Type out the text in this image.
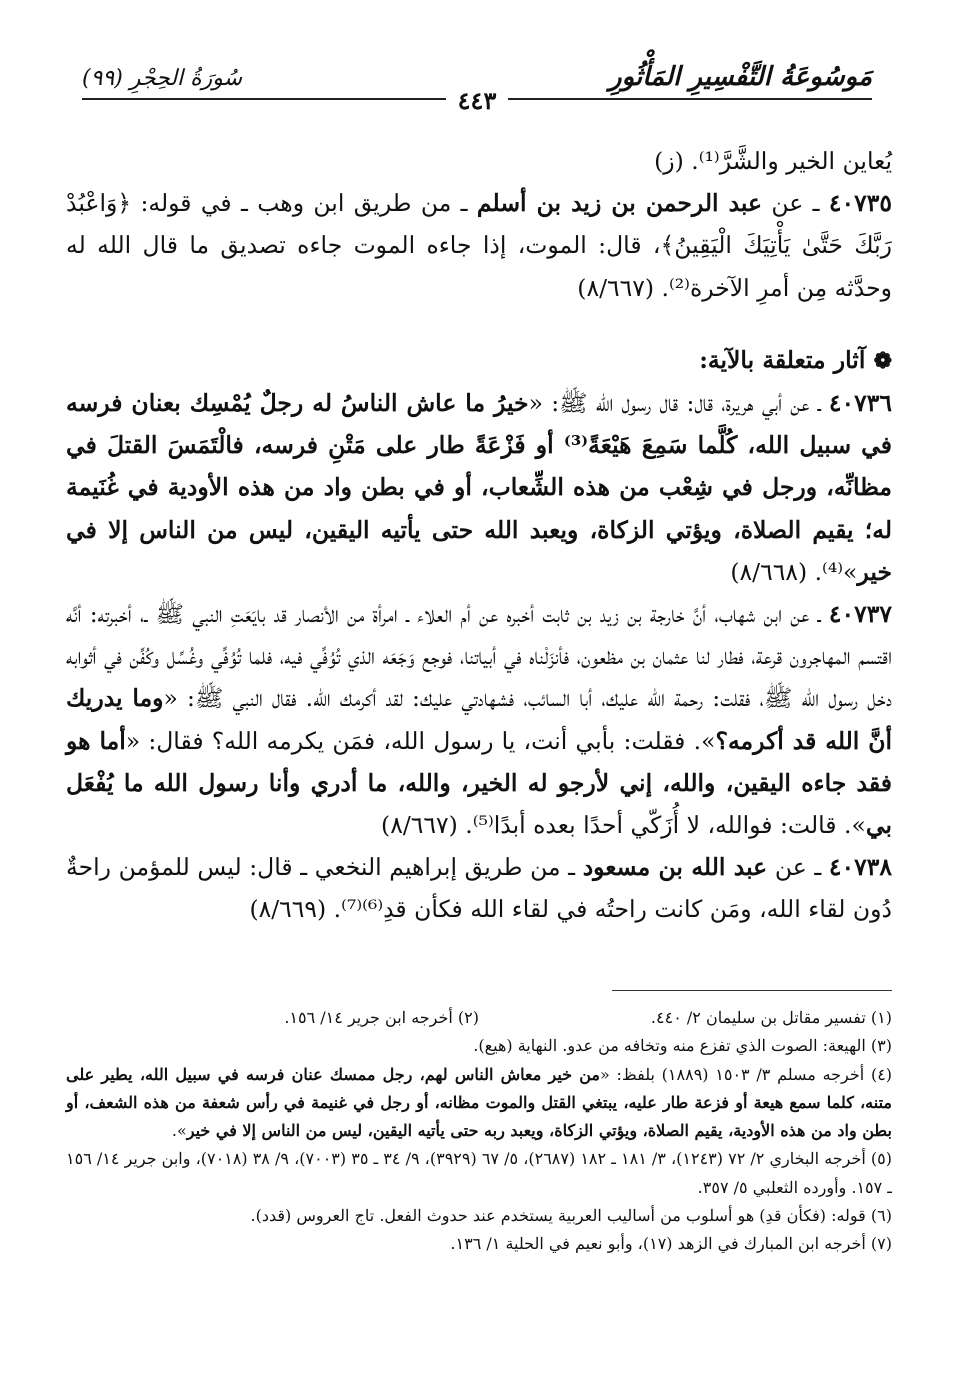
مَوسُوعَةُ التَّفْسِيرِ المَأْثُورِ
سُورَةُ الحِجْرِ (٩٩)
٤٤٣

يُعاين الخير والشَّرَّ⁽¹⁾. (ز)

٤٠٧٣٥ ـ عن عبد الرحمن بن زيد بن أسلم ـ من طريق ابن وهب ـ في قوله: ﴿وَاعْبُدْ رَبَّكَ حَتَّىٰ يَأْتِيَكَ الْيَقِينُ﴾، قال: الموت، إذا جاءه الموت جاءه تصديق ما قال الله له وحدَّثه مِن أمرِ الآخرة⁽²⁾. (٨/٦٦٧)

❁ آثار متعلقة بالآية:

٤٠٧٣٦ ـ عن أبي هريرة، قال: قال رسول الله ﷺ: «خيرُ ما عاش الناسُ له رجلٌ يُمْسِك بعنان فرسه في سبيل الله، كُلَّما سَمِعَ هَيْعَةً⁽³⁾ أو فَزْعَةً طار على مَتْنِ فرسه، فالْتَمَسَ القتلَ في مظانِّه، ورجل في شِعْب من هذه الشِّعاب، أو في بطن واد من هذه الأودية في غُنَيمة له؛ يقيم الصلاة، ويؤتي الزكاة، ويعبد الله حتى يأتيه اليقين، ليس من الناس إلا في خير»⁽⁴⁾. (٨/٦٦٨)

٤٠٧٣٧ ـ عن ابن شهاب، أنَّ خارجة بن زيد بن ثابت أخبره عن أم العلاء ـ امرأة من الأنصار قد بايَعَتِ النبي ﷺ ـ، أخبرته: أنَّه اقتسم المهاجرون قرعة، فطار لنا عثمان بن مظعون، فأنزَلْناه في أبياتنا، فوجع وَجَعَه الذي تُوُفِّي فيه، فلما تُوُفِّي وغُسِّل وكُفِّن في أثوابه دخل رسول الله ﷺ، فقلت: رحمة الله عليك، أبا السائب، فشهادتي عليك: لقد أكرمك الله. فقال النبي ﷺ: «وما يدريك أنَّ الله قد أكرمه؟». فقلت: بأبي أنت، يا رسول الله، فمَن يكرمه الله؟ فقال: «أما هو فقد جاءه اليقين، والله، إني لأرجو له الخير، والله، ما أدري وأنا رسول الله ما يُفْعَل بي». قالت: فوالله، لا أُزَكّي أحدًا بعده أبدًا⁽⁵⁾. (٨/٦٦٧)

٤٠٧٣٨ ـ عن عبد الله بن مسعود ـ من طريق إبراهيم النخعي ـ قال: ليس للمؤمن راحةٌ دُون لقاء الله، ومَن كانت راحتُه في لقاء الله فكأن قدِ⁽⁶⁾⁽⁷⁾. (٨/٦٦٩)

(١) تفسير مقاتل بن سليمان ٢/ ٤٤٠.
(٢) أخرجه ابن جرير ١٤/ ١٥٦.

(٣) الهيعة: الصوت الذي تفزع منه وتخافه من عدو. النهاية (هيع).

(٤) أخرجه مسلم ٣/ ١٥٠٣ (١٨٨٩) بلفظ: «من خير معاش الناس لهم، رجل ممسك عنان فرسه في سبيل الله، يطير على متنه، كلما سمع هيعة أو فزعة طار عليه، يبتغي القتل والموت مظانه، أو رجل في غنيمة في رأس شعفة من هذه الشعف، أو بطن واد من هذه الأودية، يقيم الصلاة، ويؤتي الزكاة، ويعبد ربه حتى يأتيه اليقين، ليس من الناس إلا في خير».

(٥) أخرجه البخاري ٢/ ٧٢ (١٢٤٣)، ٣/ ١٨١ ـ ١٨٢ (٢٦٨٧)، ٥/ ٦٧ (٣٩٢٩)، ٩/ ٣٤ ـ ٣٥ (٧٠٠٣)، ٩/ ٣٨ (٧٠١٨)، وابن جرير ١٤/ ١٥٦ ـ ١٥٧. وأورده الثعلبي ٥/ ٣٥٧.

(٦) قوله: (فكأن قدِ) هو أسلوب من أساليب العربية يستخدم عند حدوث الفعل. تاج العروس (قدد).

(٧) أخرجه ابن المبارك في الزهد (١٧)، وأبو نعيم في الحلية ١/ ١٣٦.
